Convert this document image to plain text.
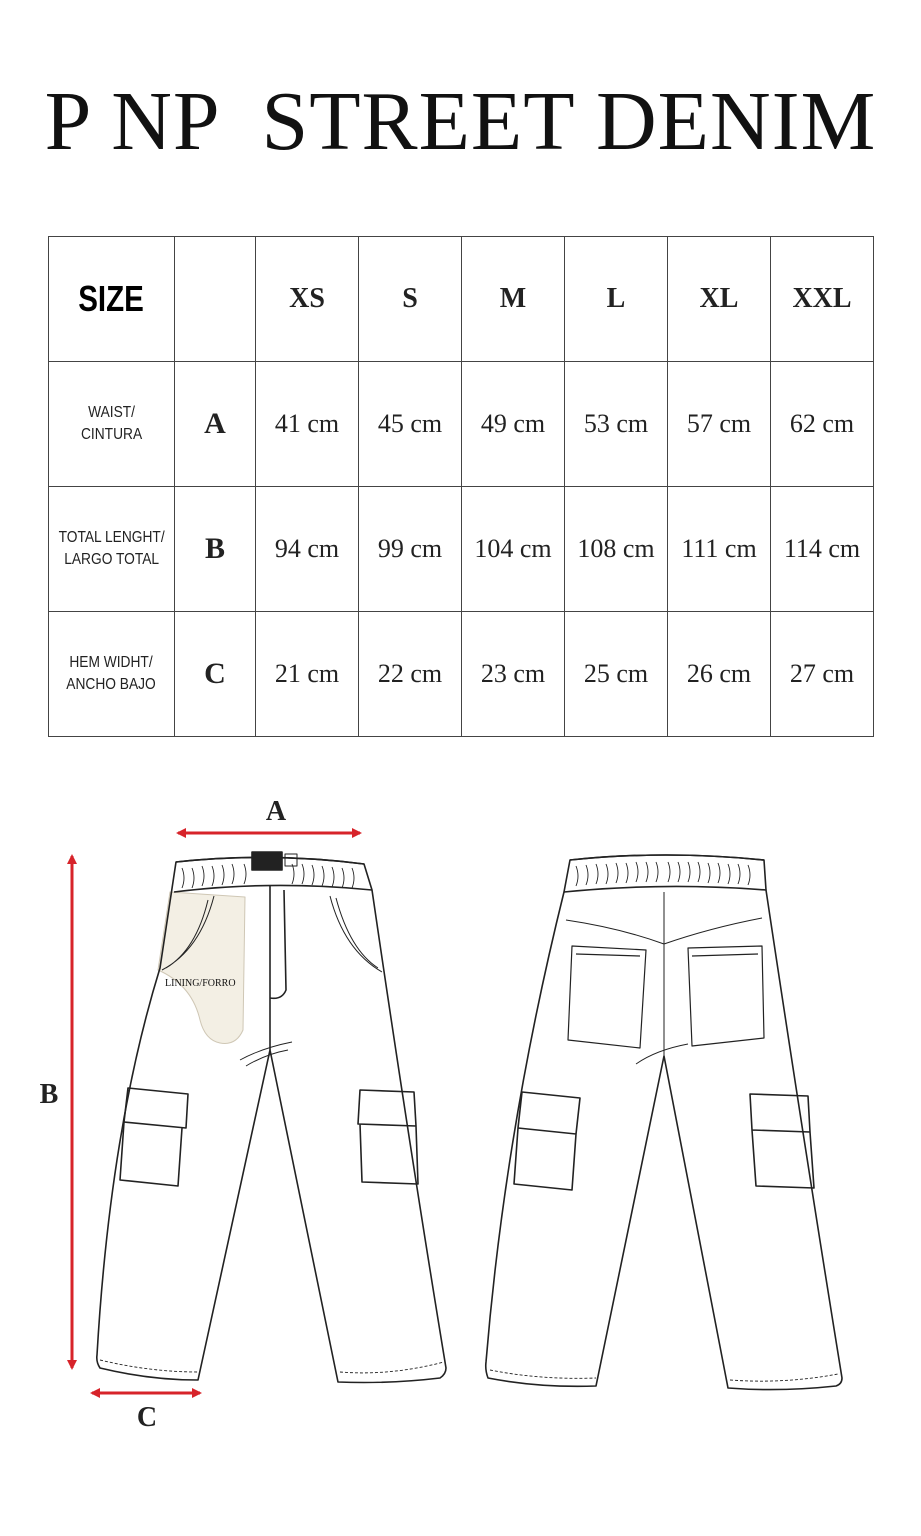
P NP  STREET DENIM
SIZE		XS	S	M	L	XL	XXL
WAIST/
CINTURA	A	41 cm	45 cm	49 cm	53 cm	57 cm	62 cm
TOTAL LENGHT/
LARGO TOTAL	B	94 cm	99 cm	104 cm	108 cm	111 cm	114 cm
HEM WIDHT/
ANCHO BAJO	C	21 cm	22 cm	23 cm	25 cm	26 cm	27 cm
A
B
C
LINING/FORRO
